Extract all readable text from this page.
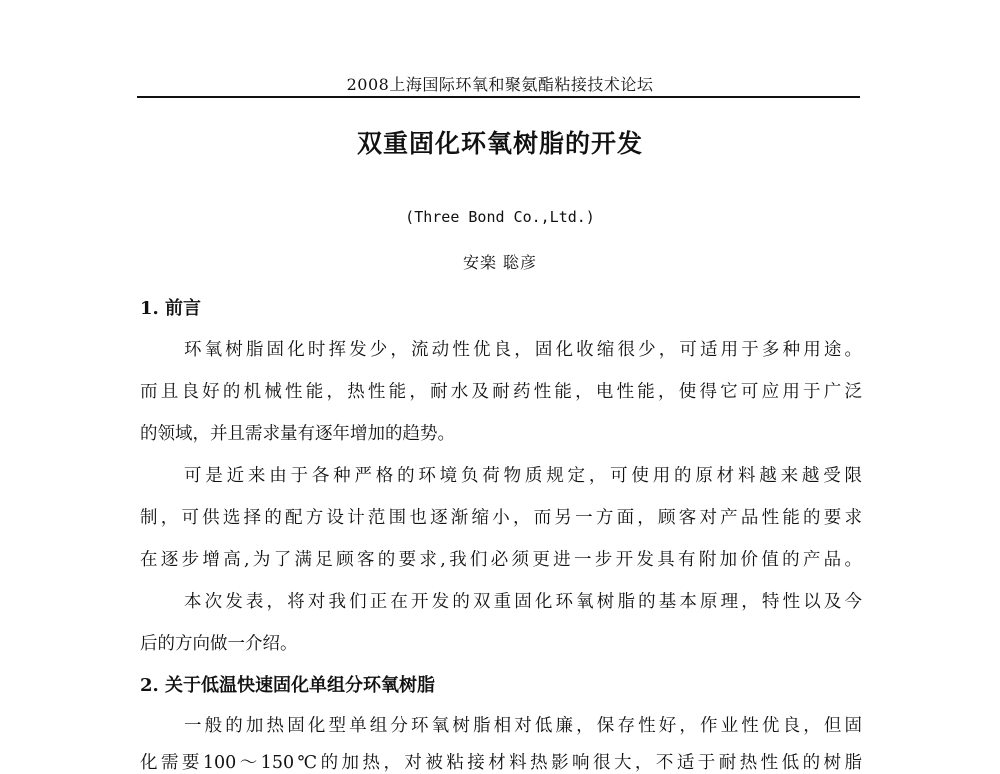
2008上海国际环氧和聚氨酯粘接技术论坛
双重固化环氧树脂的开发
(Three Bond Co.,Ltd.)
安楽 聡彦
1. 前言
环氧树脂固化时挥发少，流动性优良，固化收缩很少，可适用于多种用途。
而且良好的机械性能，热性能，耐水及耐药性能，电性能，使得它可应用于广泛
的领域，并且需求量有逐年增加的趋势。
可是近来由于各种严格的环境负荷物质规定，可使用的原材料越来越受限
制，可供选择的配方设计范围也逐渐缩小，而另一方面，顾客对产品性能的要求
在逐步增高,为了满足顾客的要求,我们必须更进一步开发具有附加价值的产品。
本次发表，将对我们正在开发的双重固化环氧树脂的基本原理，特性以及今
后的方向做一介绍。
2. 关于低温快速固化单组分环氧树脂
一般的加热固化型单组分环氧树脂相对低廉，保存性好，作业性优良，但固
化需要100～150℃的加热，对被粘接材料热影响很大，不适于耐热性低的树脂
